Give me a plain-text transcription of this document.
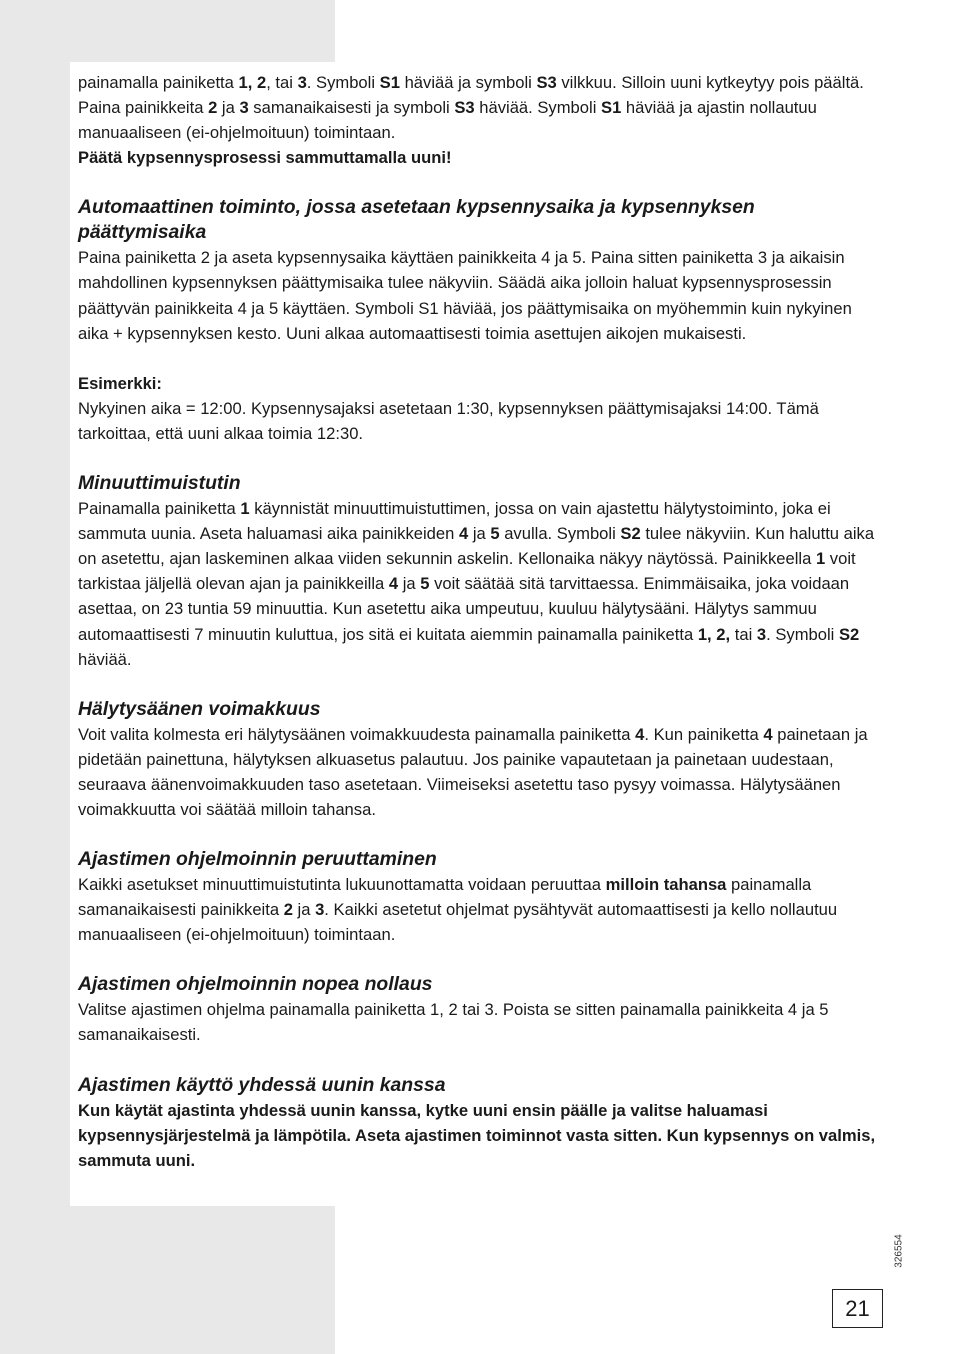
painamalla painiketta 1, 2, tai 3. Symboli S1 häviää ja symboli S3 vilkkuu. Silloin uuni kytkeytyy pois päältä. Paina painikkeita 2 ja 3 samanaikaisesti ja symboli S3 häviää. Symboli S1 häviää ja ajastin nollautuu manuaaliseen (ei-ohjelmoituun) toimintaan.

Päätä kypsennysprosessi sammuttamalla uuni!

Automaattinen toiminto, jossa asetetaan kypsennysaika ja kypsennyksen päättymisaika

Paina painiketta 2 ja aseta kypsennysaika käyttäen painikkeita 4 ja 5. Paina sitten painiketta 3 ja aikaisin mahdollinen kypsennyksen päättymisaika tulee näkyviin. Säädä aika jolloin haluat kypsennysprosessin päättyvän painikkeita 4 ja 5 käyttäen. Symboli S1 häviää, jos päättymisaika on myöhemmin kuin nykyinen aika + kypsennyksen kesto. Uuni alkaa automaattisesti toimia asettujen aikojen mukaisesti.

Esimerkki:

Nykyinen aika = 12:00. Kypsennysajaksi asetetaan 1:30, kypsennyksen päättymisajaksi 14:00. Tämä tarkoittaa, että uuni alkaa toimia 12:30.

Minuuttimuistutin

Painamalla painiketta 1 käynnistät minuuttimuistuttimen, jossa on vain ajastettu hälytystoiminto, joka ei sammuta uunia. Aseta haluamasi aika painikkeiden 4 ja 5 avulla. Symboli S2 tulee näkyviin. Kun haluttu aika on asetettu, ajan laskeminen alkaa viiden sekunnin askelin. Kellonaika näkyy näytössä. Painikkeella 1 voit tarkistaa jäljellä olevan ajan ja painikkeilla 4 ja 5 voit säätää sitä tarvittaessa. Enimmäisaika, joka voidaan asettaa, on 23 tuntia 59 minuuttia. Kun asetettu aika umpeutuu, kuuluu hälytysääni. Hälytys sammuu automaattisesti 7 minuutin kuluttua, jos sitä ei kuitata aiemmin painamalla painiketta 1, 2, tai 3. Symboli S2 häviää.

Hälytysäänen voimakkuus

Voit valita kolmesta eri hälytysäänen voimakkuudesta painamalla painiketta 4. Kun painiketta 4 painetaan ja pidetään painettuna, hälytyksen alkuasetus palautuu. Jos painike vapautetaan ja painetaan uudestaan, seuraava äänenvoimakkuuden taso asetetaan. Viimeiseksi asetettu taso pysyy voimassa. Hälytysäänen voimakkuutta voi säätää milloin tahansa.

Ajastimen ohjelmoinnin peruuttaminen

Kaikki asetukset minuuttimuistutinta lukuunottamatta voidaan peruuttaa milloin tahansa painamalla samanaikaisesti painikkeita 2 ja 3. Kaikki asetetut ohjelmat pysähtyvät automaattisesti ja kello nollautuu manuaaliseen (ei-ohjelmoituun) toimintaan.

Ajastimen ohjelmoinnin nopea nollaus

Valitse ajastimen ohjelma painamalla painiketta 1, 2 tai 3. Poista se sitten painamalla painikkeita 4 ja 5 samanaikaisesti.

Ajastimen käyttö yhdessä uunin kanssa

Kun käytät ajastinta yhdessä uunin kanssa, kytke uuni ensin päälle ja valitse haluamasi kypsennysjärjestelmä ja lämpötila. Aseta ajastimen toiminnot vasta sitten. Kun kypsennys on valmis, sammuta uuni.

326554
21
